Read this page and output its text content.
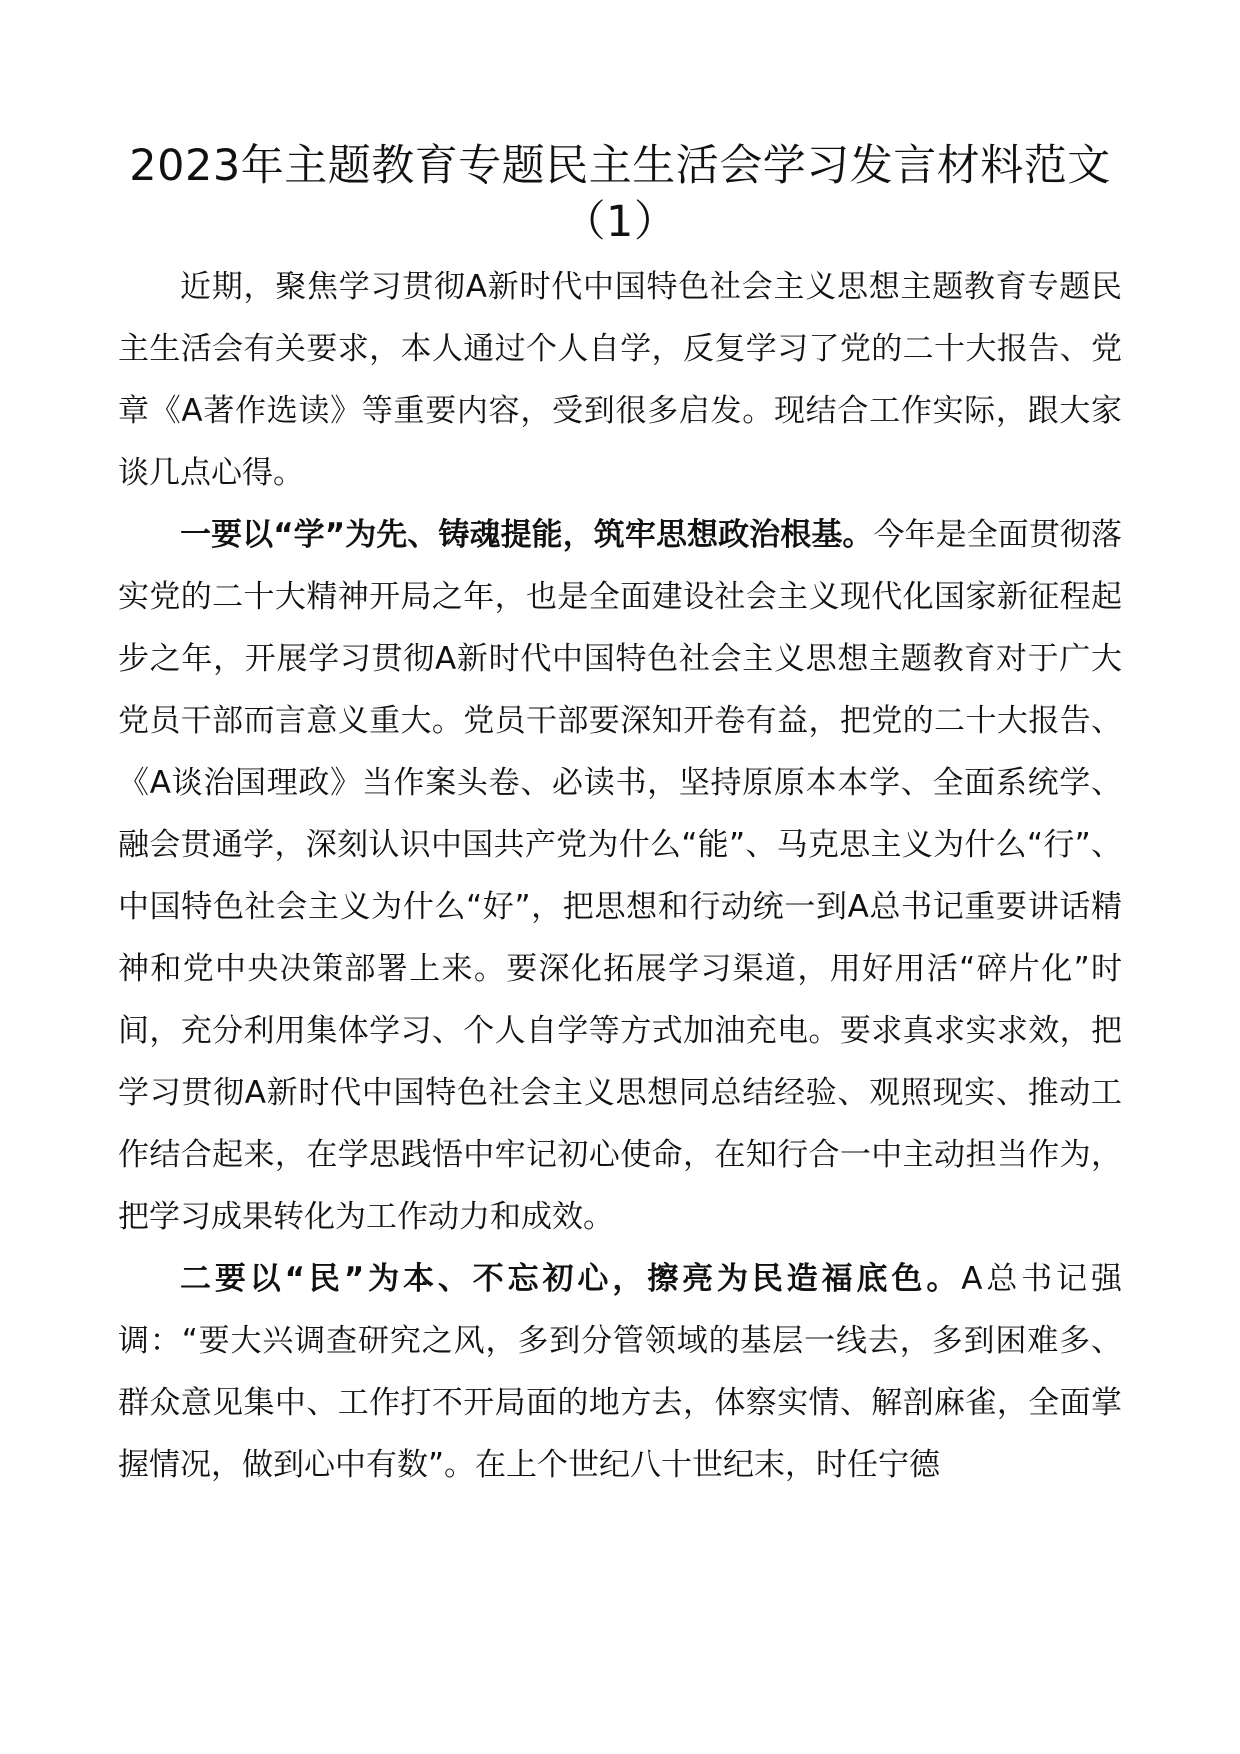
2023年主题教育专题民主生活会学习发言材料范文（1）

近期，聚焦学习贯彻A新时代中国特色社会主义思想主题教育专题民主生活会有关要求，本人通过个人自学，反复学习了党的二十大报告、党章《A著作选读》等重要内容，受到很多启发。现结合工作实际，跟大家谈几点心得。

一要以“学”为先、铸魂提能，筑牢思想政治根基。今年是全面贯彻落实党的二十大精神开局之年，也是全面建设社会主义现代化国家新征程起步之年，开展学习贯彻A新时代中国特色社会主义思想主题教育对于广大党员干部而言意义重大。党员干部要深知开卷有益，把党的二十大报告、《A谈治国理政》当作案头卷、必读书，坚持原原本本学、全面系统学、融会贯通学，深刻认识中国共产党为什么“能”、马克思主义为什么“行”、中国特色社会主义为什么“好”，把思想和行动统一到A总书记重要讲话精神和党中央决策部署上来。要深化拓展学习渠道，用好用活“碎片化”时间，充分利用集体学习、个人自学等方式加油充电。要求真求实求效，把学习贯彻A新时代中国特色社会主义思想同总结经验、观照现实、推动工作结合起来，在学思践悟中牢记初心使命，在知行合一中主动担当作为，把学习成果转化为工作动力和成效。

二要以“民”为本、不忘初心，擦亮为民造福底色。A总书记强调：“要大兴调查研究之风，多到分管领域的基层一线去，多到困难多、群众意见集中、工作打不开局面的地方去，体察实情、解剖麻雀，全面掌握情况，做到心中有数”。在上个世纪八十世纪末，时任宁德
